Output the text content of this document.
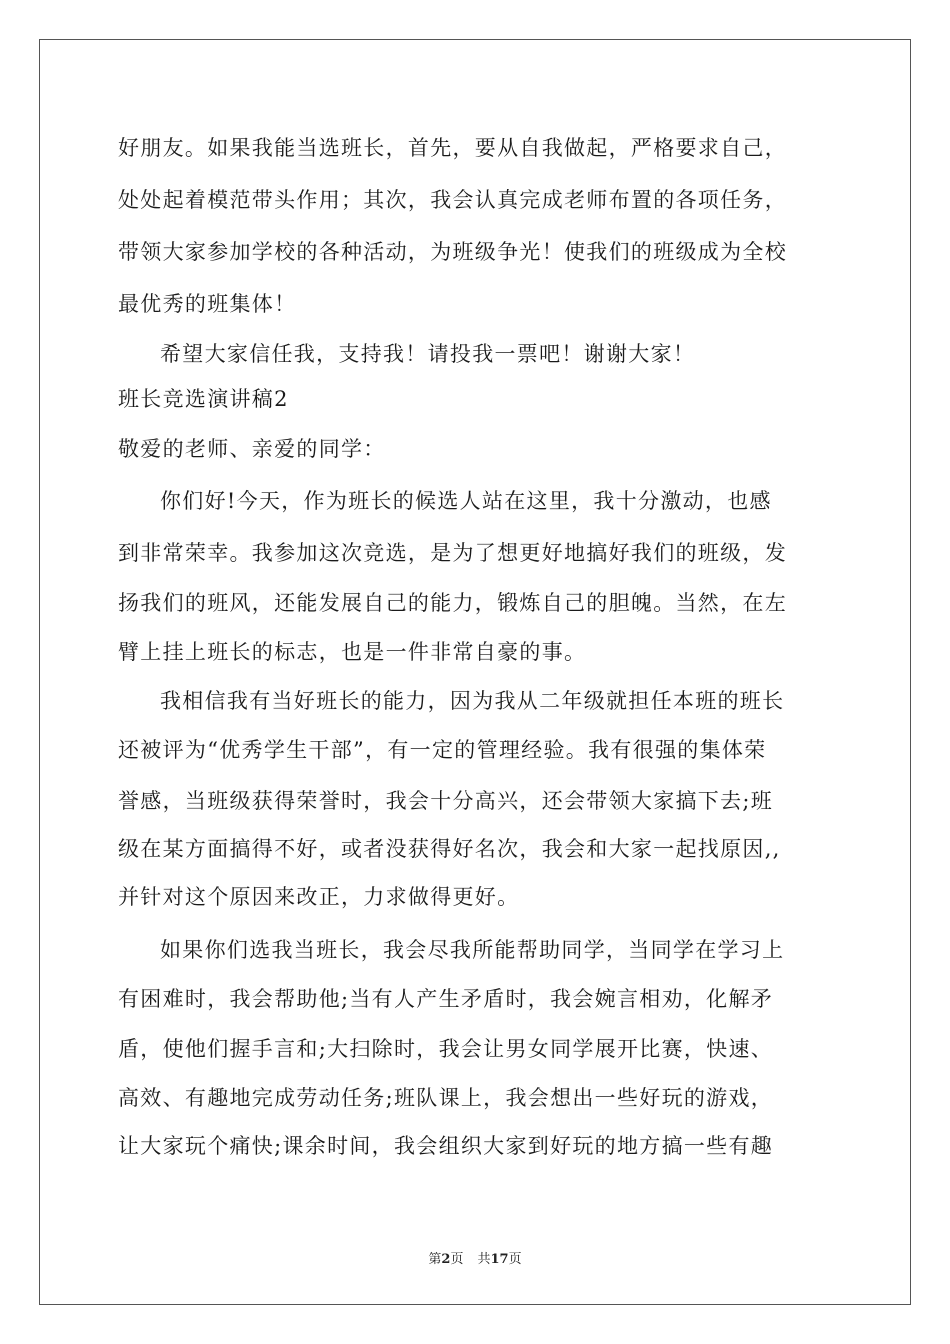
好朋友。如果我能当选班长，首先，要从自我做起，严格要求自己，
处处起着模范带头作用；其次，我会认真完成老师布置的各项任务，
带领大家参加学校的各种活动，为班级争光！使我们的班级成为全校
最优秀的班集体！
希望大家信任我，支持我！请投我一票吧！谢谢大家！
班长竞选演讲稿2
敬爱的老师、亲爱的同学：
你们好!今天，作为班长的候选人站在这里，我十分激动，也感
到非常荣幸。我参加这次竞选，是为了想更好地搞好我们的班级，发
扬我们的班风，还能发展自己的能力，锻炼自己的胆魄。当然，在左
臂上挂上班长的标志，也是一件非常自豪的事。
我相信我有当好班长的能力，因为我从二年级就担任本班的班长
还被评为“优秀学生干部”，有一定的管理经验。我有很强的集体荣
誉感，当班级获得荣誉时，我会十分高兴，还会带领大家搞下去;班
级在某方面搞得不好，或者没获得好名次，我会和大家一起找原因,,
并针对这个原因来改正，力求做得更好。
如果你们选我当班长，我会尽我所能帮助同学，当同学在学习上
有困难时，我会帮助他;当有人产生矛盾时，我会婉言相劝，化解矛
盾，使他们握手言和;大扫除时，我会让男女同学展开比赛，快速、
高效、有趣地完成劳动任务;班队课上，我会想出一些好玩的游戏，
让大家玩个痛快;课余时间，我会组织大家到好玩的地方搞一些有趣
第2页 共17页
